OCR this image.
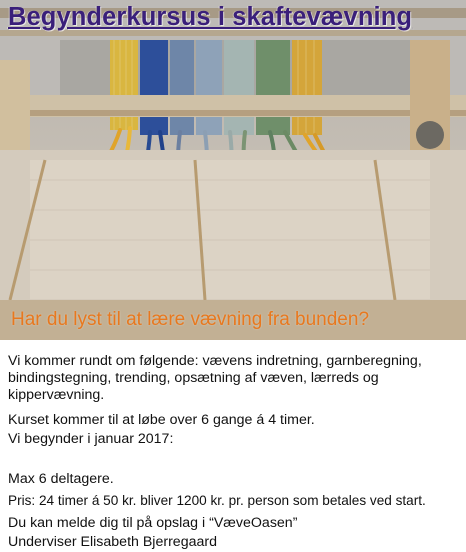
Begynderkursus i skaftevævning

Har du lyst til at lære vævning fra bunden?

Vi kommer rundt om følgende: vævens indretning, garnberegning,
bindingstegning, trending, opsætning af væven, lærreds og
kippervævning.
Kurset kommer til at løbe over 6 gange á 4 timer.
Vi begynder i januar 2017:
Max 6 deltagere.
Pris: 24 timer á 50 kr. bliver 1200 kr. pr. person som betales ved start.
Du kan melde dig til på opslag i “VæveOasen”
Underviser Elisabeth Bjerregaard
